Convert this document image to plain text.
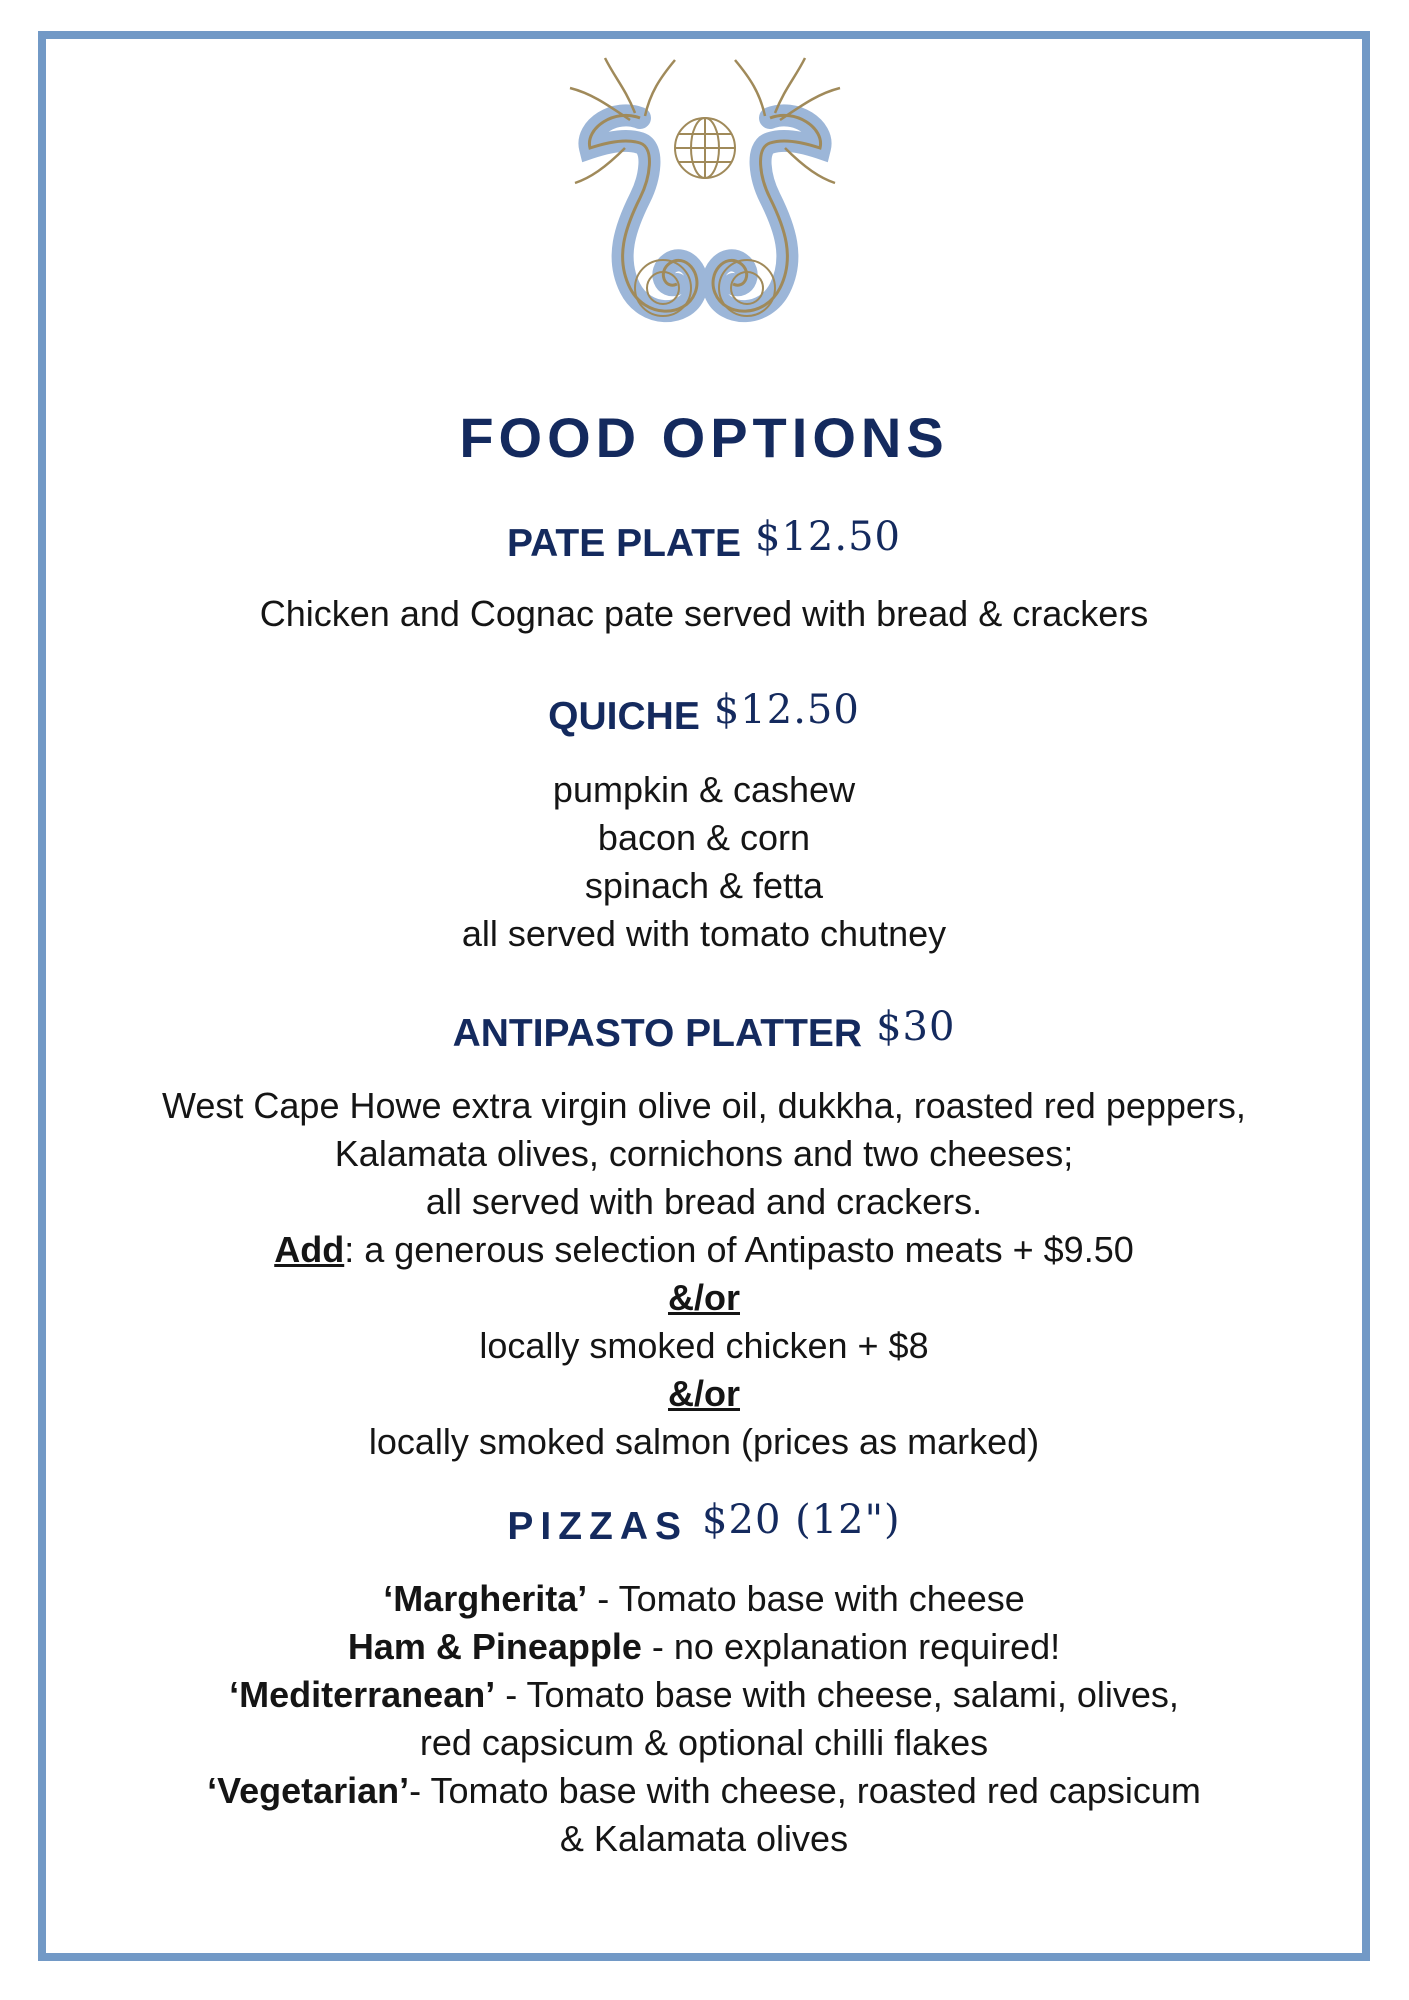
FOOD OPTIONS
PATE PLATE $12.50
Chicken and Cognac pate served with bread & crackers
QUICHE $12.50
pumpkin & cashew
bacon & corn
spinach & fetta
all served with tomato chutney
ANTIPASTO PLATTER $30
West Cape Howe extra virgin olive oil, dukkha, roasted red peppers,
Kalamata olives, cornichons and two cheeses;
all served with bread and crackers.
Add: a generous selection of Antipasto meats + $9.50
&/or
locally smoked chicken + $8
&/or
locally smoked salmon (prices as marked)
PIZZAS $20 (12")
‘Margherita’ - Tomato base with cheese
Ham & Pineapple - no explanation required!
‘Mediterranean’ - Tomato base with cheese, salami, olives,
red capsicum & optional chilli flakes
‘Vegetarian’- Tomato base with cheese, roasted red capsicum
& Kalamata olives
